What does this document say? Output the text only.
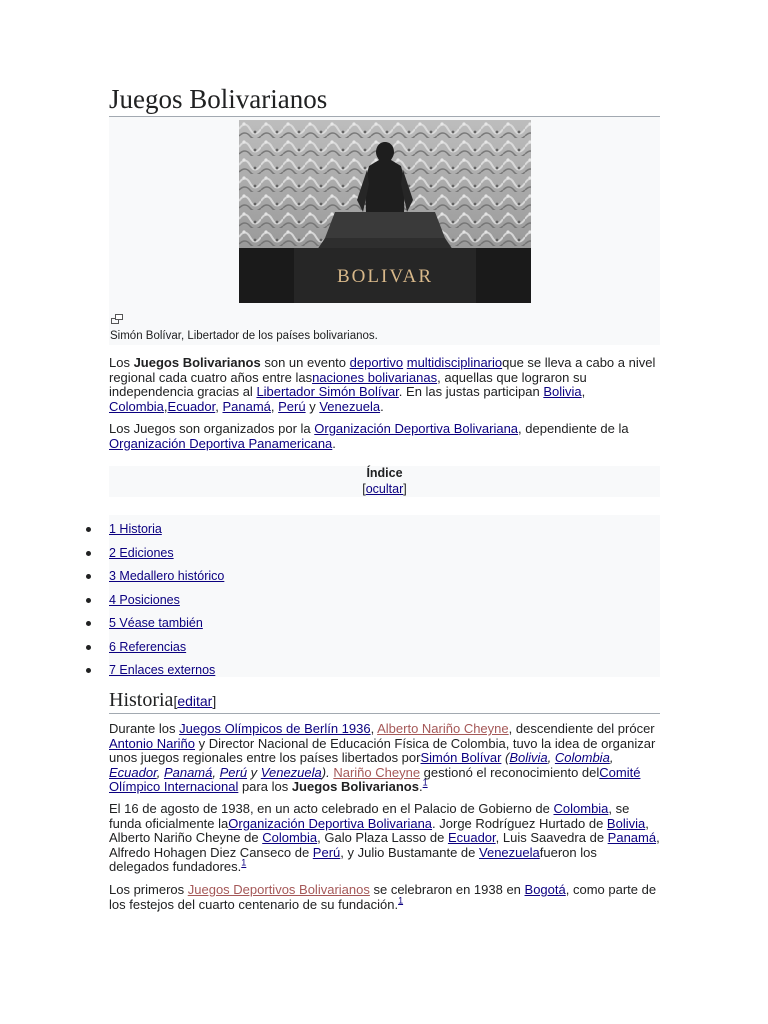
Juegos Bolivarianos
BOLIVAR
Simón Bolívar, Libertador de los países bolivarianos.

Los Juegos Bolivarianos son un evento deportivo multidisciplinarioque se lleva a cabo a nivel regional cada cuatro años entre lasnaciones bolivarianas, aquellas que lograron su independencia gracias al Libertador Simón Bolívar. En las justas participan Bolivia, Colombia,Ecuador, Panamá, Perú y Venezuela.

Los Juegos son organizados por la Organización Deportiva Bolivariana, dependiente de la Organización Deportiva Panamericana.

Índice
[ocultar]
1 Historia
2 Ediciones
3 Medallero histórico
4 Posiciones
5 Véase también
6 Referencias
7 Enlaces externos
Historia[editar]

Durante los Juegos Olímpicos de Berlín 1936, Alberto Nariño Cheyne, descendiente del prócer Antonio Nariño y Director Nacional de Educación Física de Colombia, tuvo la idea de organizar unos juegos regionales entre los países libertados porSimón Bolívar (Bolivia, Colombia, Ecuador, Panamá, Perú y Venezuela). Nariño Cheyne gestionó el reconocimiento delComité Olímpico Internacional para los Juegos Bolivarianos.$^1$

El 16 de agosto de 1938, en un acto celebrado en el Palacio de Gobierno de Colombia, se funda oficialmente laOrganización Deportiva Bolivariana. Jorge Rodríguez Hurtado de Bolivia, Alberto Nariño Cheyne de Colombia, Galo Plaza Lasso de Ecuador, Luis Saavedra de Panamá, Alfredo Hohagen Diez Canseco de Perú, y Julio Bustamante de Venezuelafueron los delegados fundadores.$^1$

Los primeros Juegos Deportivos Bolivarianos se celebraron en 1938 en Bogotá, como parte de los festejos del cuarto centenario de su fundación.$^1$
